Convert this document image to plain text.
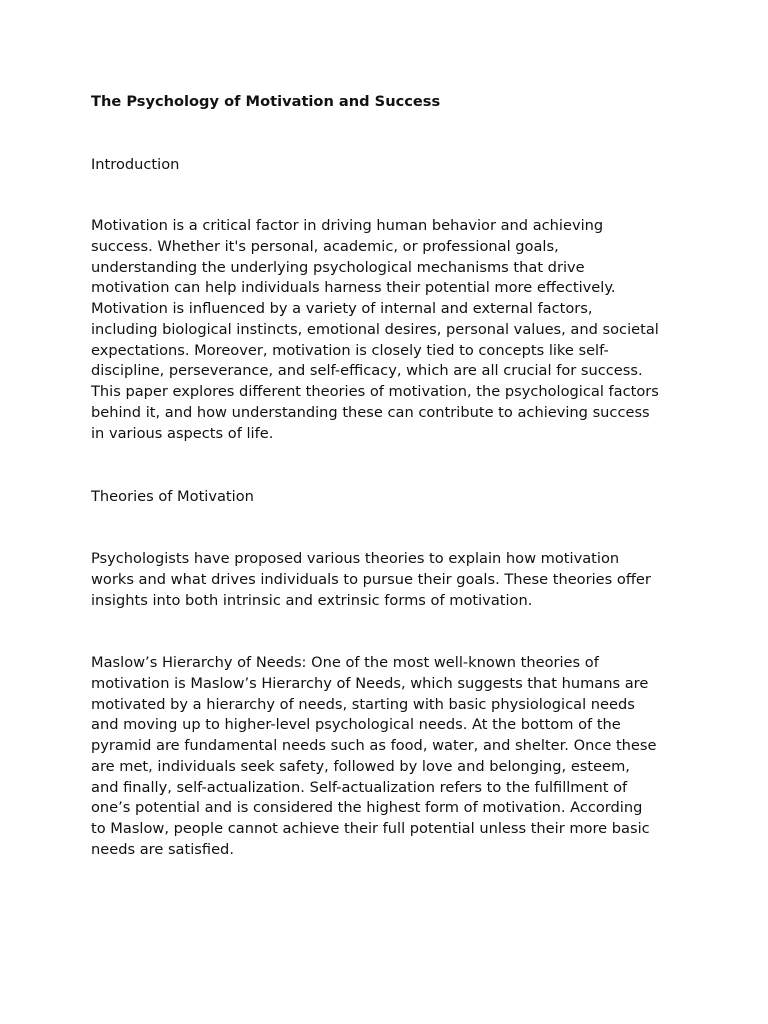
The Psychology of Motivation and Success

Introduction

Motivation is a critical factor in driving human behavior and achieving
success. Whether it's personal, academic, or professional goals,
understanding the underlying psychological mechanisms that drive
motivation can help individuals harness their potential more effectively.
Motivation is influenced by a variety of internal and external factors,
including biological instincts, emotional desires, personal values, and societal
expectations. Moreover, motivation is closely tied to concepts like self-
discipline, perseverance, and self-efficacy, which are all crucial for success.
This paper explores different theories of motivation, the psychological factors
behind it, and how understanding these can contribute to achieving success
in various aspects of life.

Theories of Motivation

Psychologists have proposed various theories to explain how motivation
works and what drives individuals to pursue their goals. These theories offer
insights into both intrinsic and extrinsic forms of motivation.
Maslow’s Hierarchy of Needs: One of the most well-known theories of
motivation is Maslow’s Hierarchy of Needs, which suggests that humans are
motivated by a hierarchy of needs, starting with basic physiological needs
and moving up to higher-level psychological needs. At the bottom of the
pyramid are fundamental needs such as food, water, and shelter. Once these
are met, individuals seek safety, followed by love and belonging, esteem,
and finally, self-actualization. Self-actualization refers to the fulfillment of
one’s potential and is considered the highest form of motivation. According
to Maslow, people cannot achieve their full potential unless their more basic
needs are satisfied.
